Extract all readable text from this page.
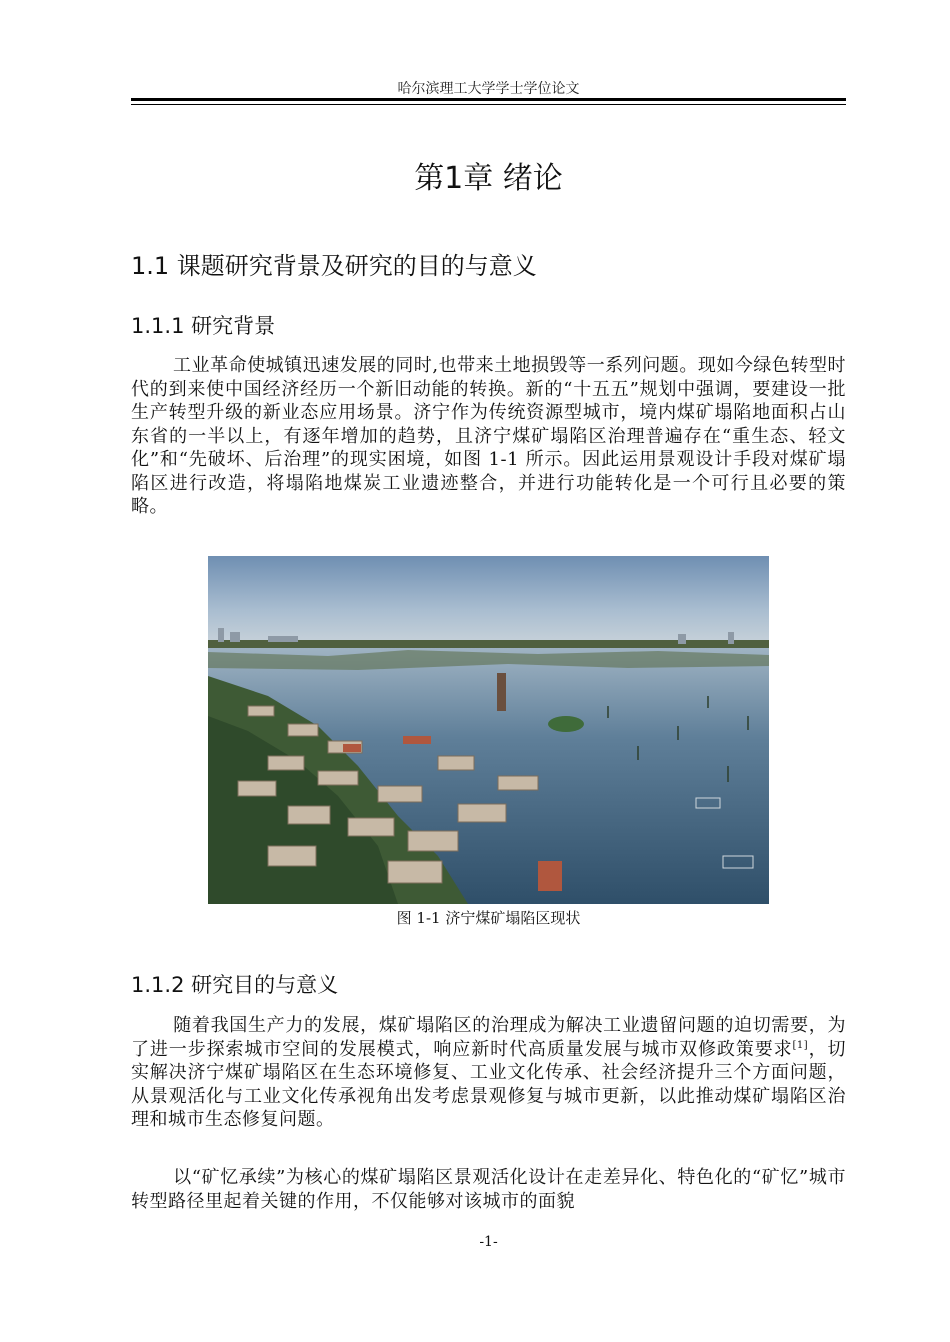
哈尔滨理工大学学士学位论文
第1章 绪论
1.1 课题研究背景及研究的目的与意义
1.1.1 研究背景

工业革命使城镇迅速发展的同时,也带来土地损毁等一系列问题。现如今绿色转型时代的到来使中国经济经历一个新旧动能的转换。新的“十五五”规划中强调，要建设一批生产转型升级的新业态应用场景。济宁作为传统资源型城市，境内煤矿塌陷地面积占山东省的一半以上，有逐年增加的趋势，且济宁煤矿塌陷区治理普遍存在“重生态、轻文化”和“先破坏、后治理”的现实困境，如图 1-1 所示。因此运用景观设计手段对煤矿塌陷区进行改造，将塌陷地煤炭工业遗迹整合，并进行功能转化是一个可行且必要的策略。

图 1-1 济宁煤矿塌陷区现状
1.1.2 研究目的与意义

随着我国生产力的发展，煤矿塌陷区的治理成为解决工业遗留问题的迫切需要，为了进一步探索城市空间的发展模式，响应新时代高质量发展与城市双修政策要求[1]，切实解决济宁煤矿塌陷区在生态环境修复、工业文化传承、社会经济提升三个方面问题，从景观活化与工业文化传承视角出发考虑景观修复与城市更新，以此推动煤矿塌陷区治理和城市生态修复问题。

以“矿忆承续”为核心的煤矿塌陷区景观活化设计在走差异化、特色化的“矿忆”城市转型路径里起着关键的作用，不仅能够对该城市的面貌

-1-
